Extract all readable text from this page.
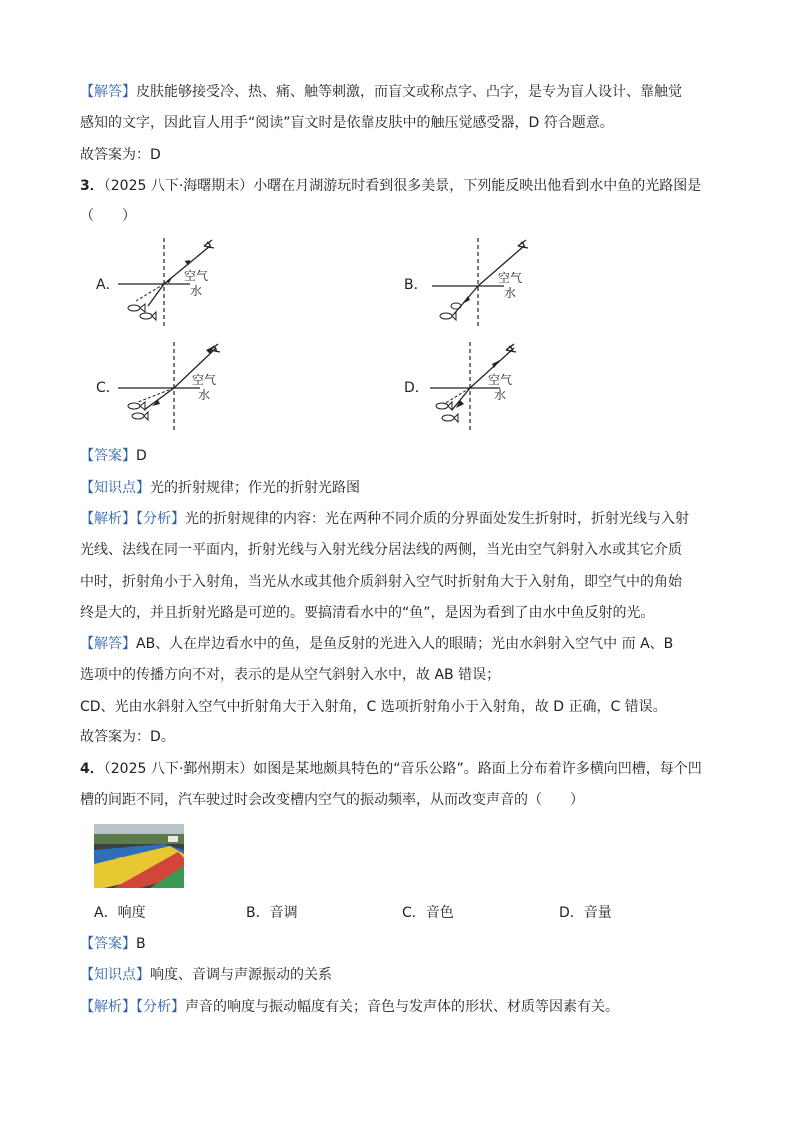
【解答】皮肤能够接受冷、热、痛、触等刺激，而盲文或称点字、凸字，是专为盲人设计、靠触觉
感知的文字，因此盲人用手“阅读”盲文时是依靠皮肤中的触压觉感受器，D 符合题意。
故答案为：D
3．（2025 八下·海曙期末）小曙在月湖游玩时看到很多美景，下列能反映出他看到水中鱼的光路图是
（　　）
A．
空气
水	B．	空气
水
C．	空气
水	D．	空气
水
【答案】D
【知识点】光的折射规律；作光的折射光路图
【解析】【分析】光的折射规律的内容：光在两种不同介质的分界面处发生折射时，折射光线与入射
光线、法线在同一平面内，折射光线与入射光线分居法线的两侧，当光由空气斜射入水或其它介质
中时，折射角小于入射角，当光从水或其他介质斜射入空气时折射角大于入射角，即空气中的角始
终是大的，并且折射光路是可逆的。要搞清看水中的“鱼”，是因为看到了由水中鱼反射的光。
【解答】AB、人在岸边看水中的鱼，是鱼反射的光进入人的眼睛；光由水斜射入空气中 而 A、B
选项中的传播方向不对，表示的是从空气斜射入水中，故 AB 错误；
CD、光由水斜射入空气中折射角大于入射角，C 选项折射角小于入射角，故 D 正确，C 错误。
故答案为：D。
4．（2025 八下·鄞州期末）如图是某地颇具特色的“音乐公路”。路面上分布着许多横向凹槽，每个凹
槽的间距不同，汽车驶过时会改变槽内空气的振动频率，从而改变声音的（　　）
A．响度	B．音调	C．音色	D．音量
【答案】B
【知识点】响度、音调与声源振动的关系
【解析】【分析】声音的响度与振动幅度有关；音色与发声体的形状、材质等因素有关。
